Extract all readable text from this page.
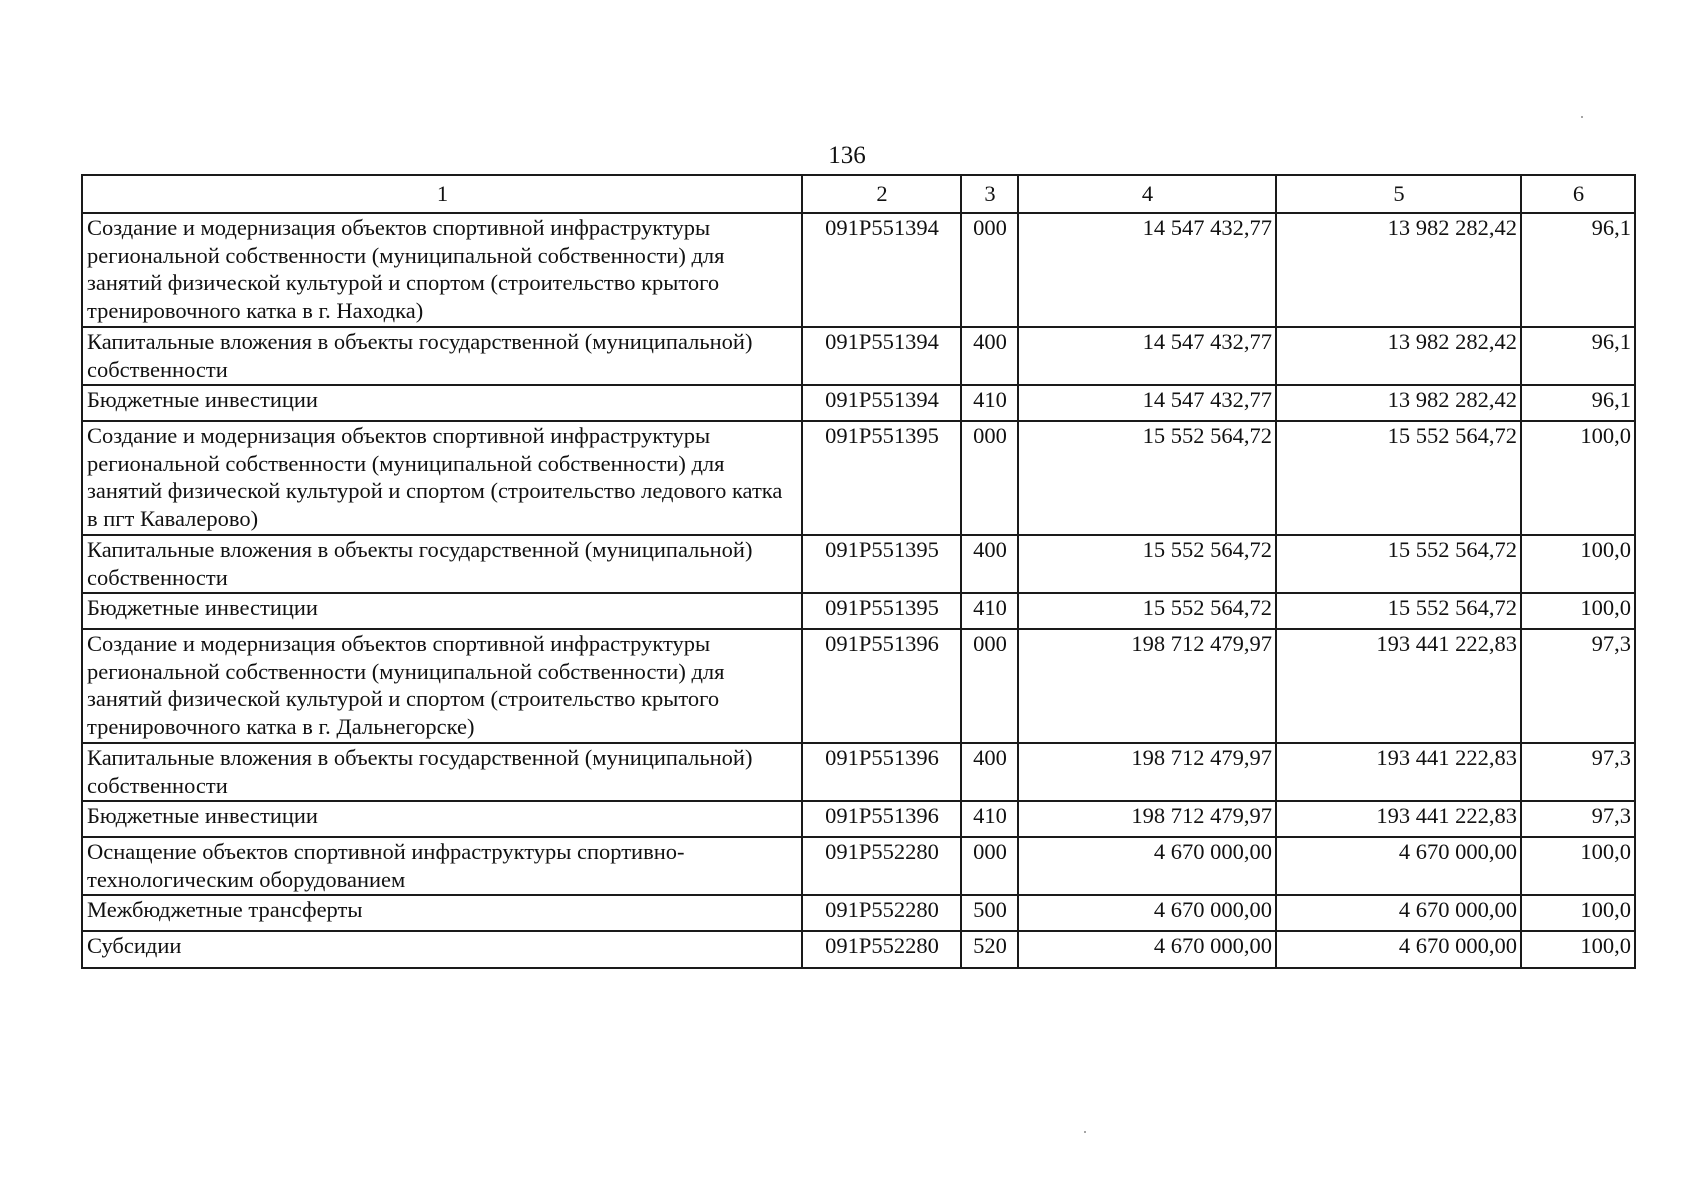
136
1	2	3	4	5	6
Создание и модернизация объектов спортивной инфраструктуры региональной собственности (муниципальной собственности) для занятий физической культурой и спортом (строительство крытого тренировочного катка в г. Находка)	091P551394	000	14 547 432,77	13 982 282,42	96,1
Капитальные вложения в объекты государственной (муниципальной) собственности	091P551394	400	14 547 432,77	13 982 282,42	96,1
Бюджетные инвестиции	091P551394	410	14 547 432,77	13 982 282,42	96,1
Создание и модернизация объектов спортивной инфраструктуры региональной собственности (муниципальной собственности) для занятий физической культурой и спортом (строительство ледового катка в пгт Кавалерово)	091P551395	000	15 552 564,72	15 552 564,72	100,0
Капитальные вложения в объекты государственной (муниципальной) собственности	091P551395	400	15 552 564,72	15 552 564,72	100,0
Бюджетные инвестиции	091P551395	410	15 552 564,72	15 552 564,72	100,0
Создание и модернизация объектов спортивной инфраструктуры региональной собственности (муниципальной собственности) для занятий физической культурой и спортом (строительство крытого тренировочного катка в г. Дальнегорске)	091P551396	000	198 712 479,97	193 441 222,83	97,3
Капитальные вложения в объекты государственной (муниципальной) собственности	091P551396	400	198 712 479,97	193 441 222,83	97,3
Бюджетные инвестиции	091P551396	410	198 712 479,97	193 441 222,83	97,3
Оснащение объектов спортивной инфраструктуры спортивно-технологическим оборудованием	091P552280	000	4 670 000,00	4 670 000,00	100,0
Межбюджетные трансферты	091P552280	500	4 670 000,00	4 670 000,00	100,0
Субсидии	091P552280	520	4 670 000,00	4 670 000,00	100,0
